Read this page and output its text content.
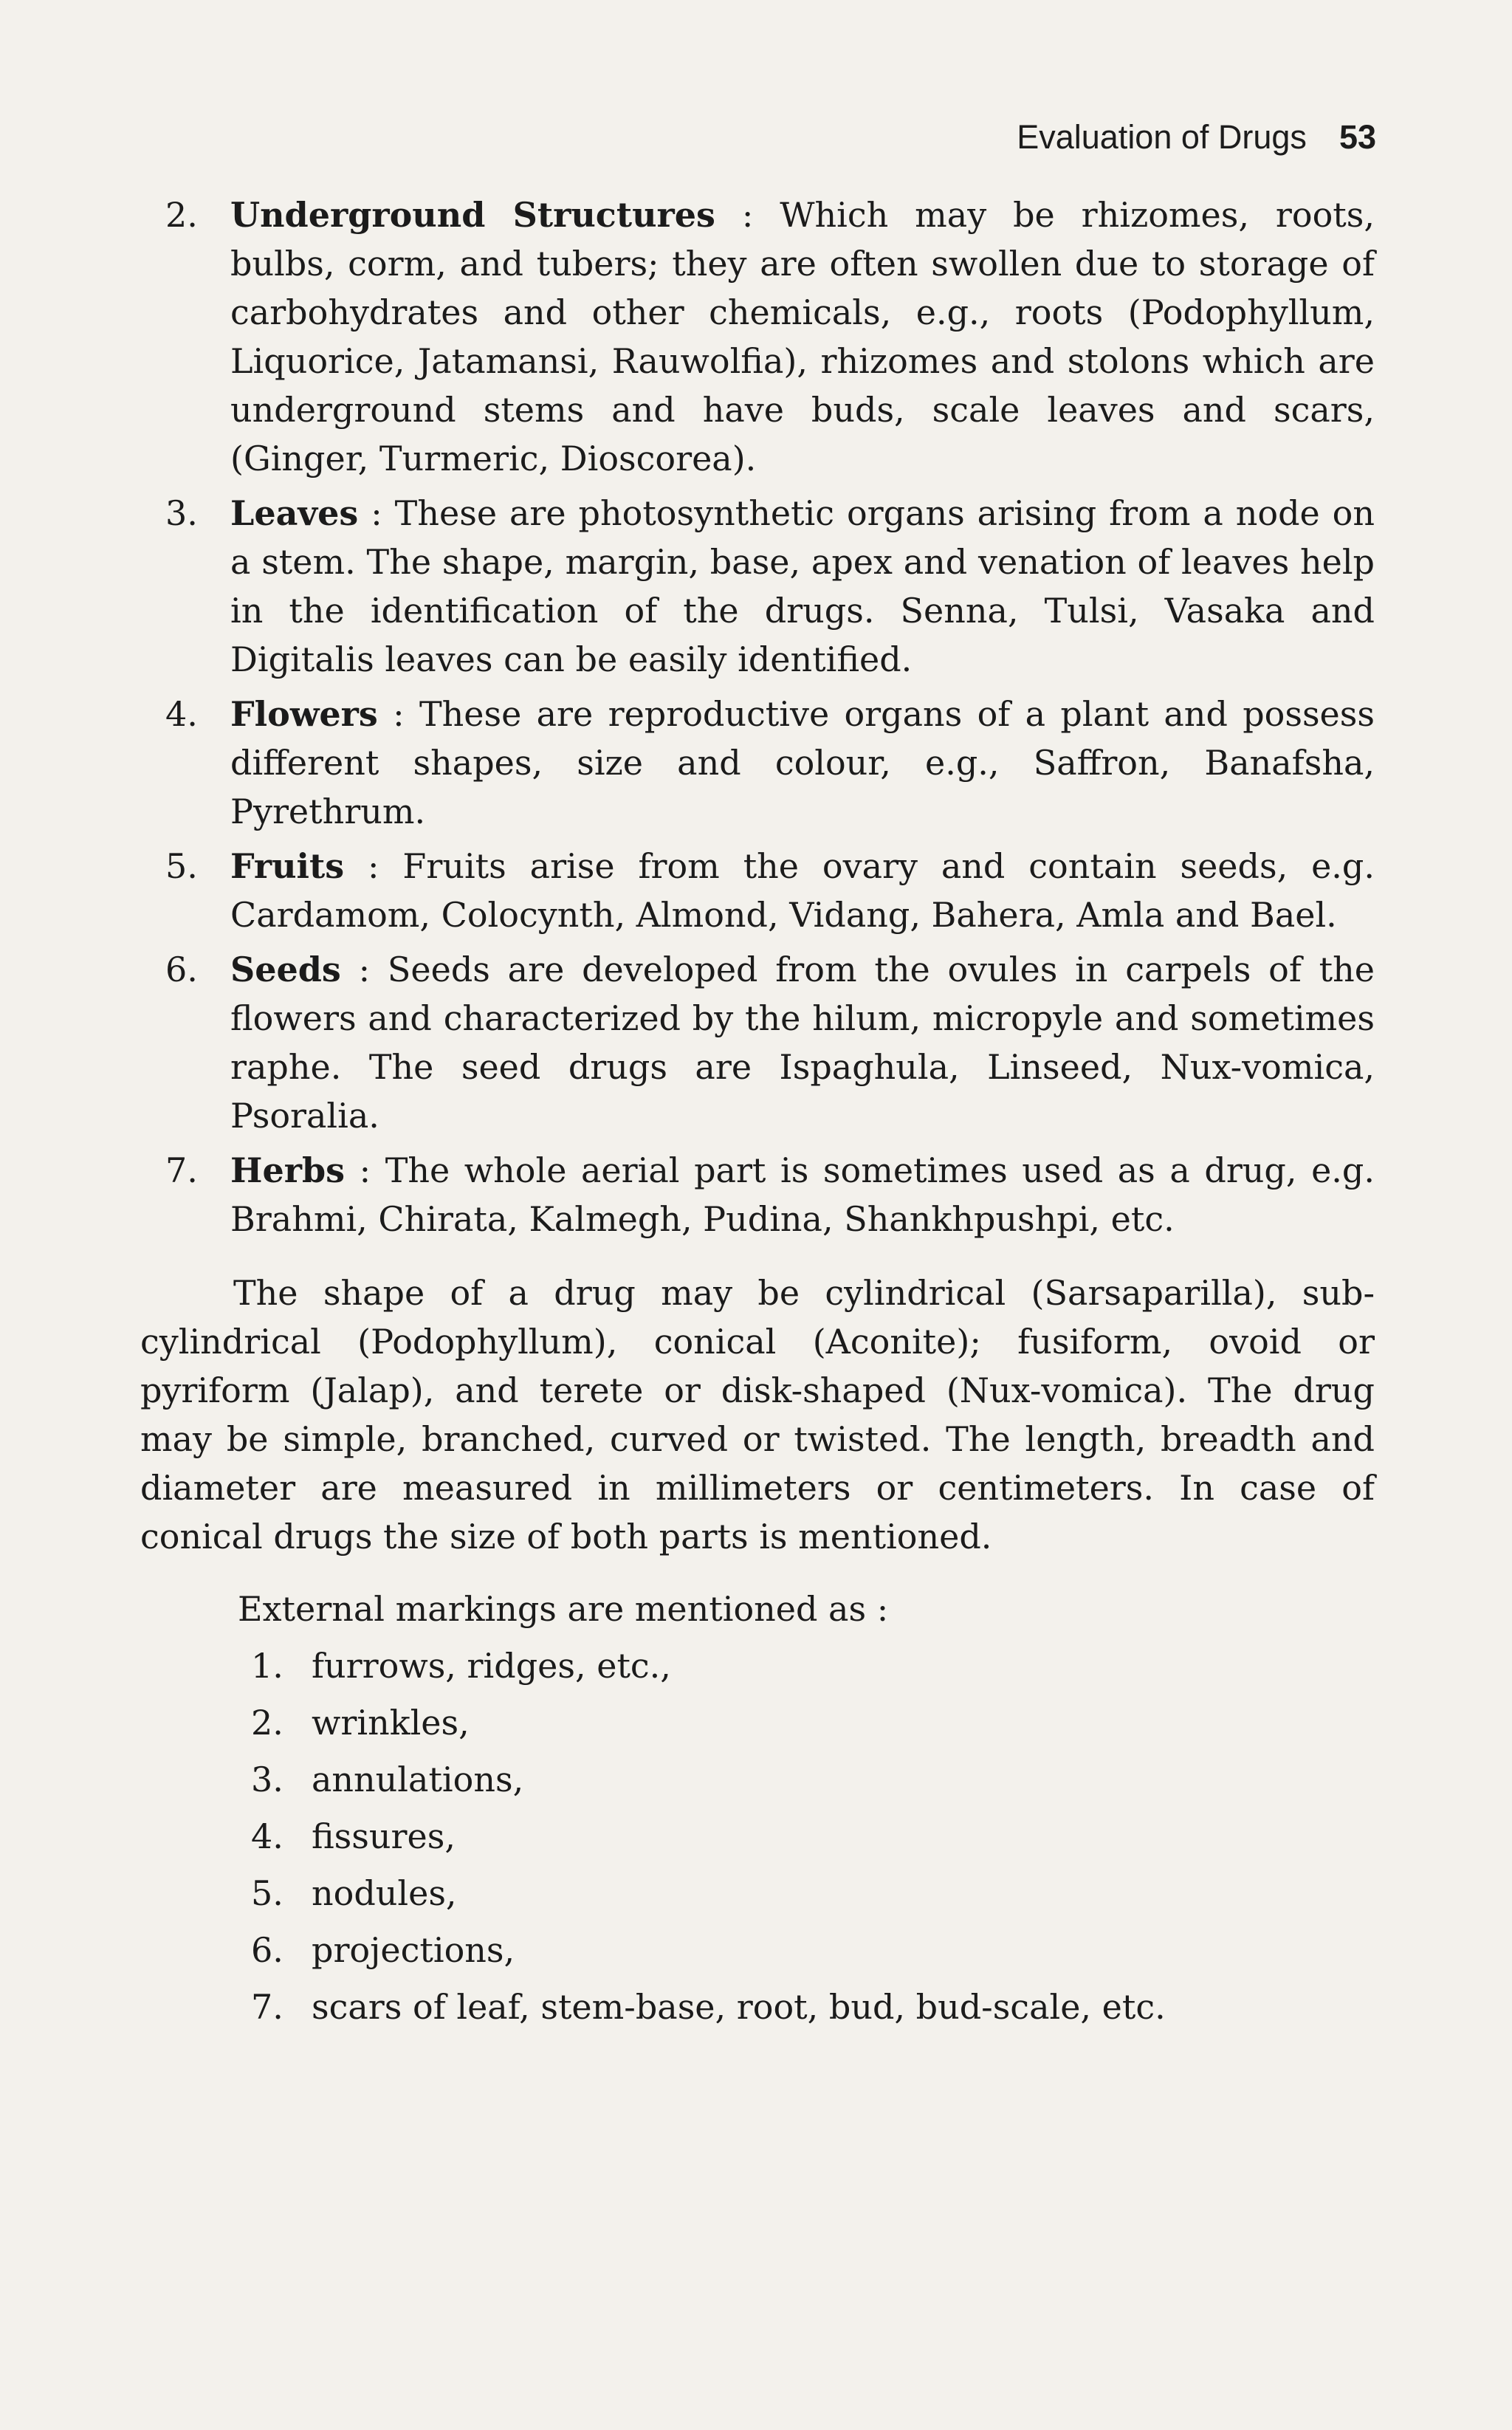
Evaluation of Drugs 53
2. Underground Structures : Which may be rhizomes, roots, bulbs, corm, and tubers; they are often swollen due to storage of carbohydrates and other chemicals, e.g., roots (Podophyllum, Liquorice, Jatamansi, Rauwolfia), rhizomes and stolons which are underground stems and have buds, scale leaves and scars, (Ginger, Turmeric, Dioscorea).
3. Leaves : These are photosynthetic organs arising from a node on a stem. The shape, margin, base, apex and venation of leaves help in the identification of the drugs. Senna, Tulsi, Vasaka and Digitalis leaves can be easily identified.
4. Flowers : These are reproductive organs of a plant and possess different shapes, size and colour, e.g., Saffron, Banafsha, Pyrethrum.
5. Fruits : Fruits arise from the ovary and contain seeds, e.g. Cardamom, Colocynth, Almond, Vidang, Bahera, Amla and Bael.
6. Seeds : Seeds are developed from the ovules in carpels of the flowers and characterized by the hilum, micropyle and sometimes raphe. The seed drugs are Ispaghula, Linseed, Nux-vomica, Psoralia.
7. Herbs : The whole aerial part is sometimes used as a drug, e.g. Brahmi, Chirata, Kalmegh, Pudina, Shankhpushpi, etc.

The shape of a drug may be cylindrical (Sarsaparilla), sub-cylindrical (Podophyllum), conical (Aconite); fusiform, ovoid or pyriform (Jalap), and terete or disk-shaped (Nux-vomica). The drug may be simple, branched, curved or twisted. The length, breadth and diameter are measured in millimeters or centimeters. In case of conical drugs the size of both parts is mentioned.

External markings are mentioned as :

1. furrows, ridges, etc.,
2. wrinkles,
3. annulations,
4. fissures,
5. nodules,
6. projections,
7. scars of leaf, stem-base, root, bud, bud-scale, etc.
